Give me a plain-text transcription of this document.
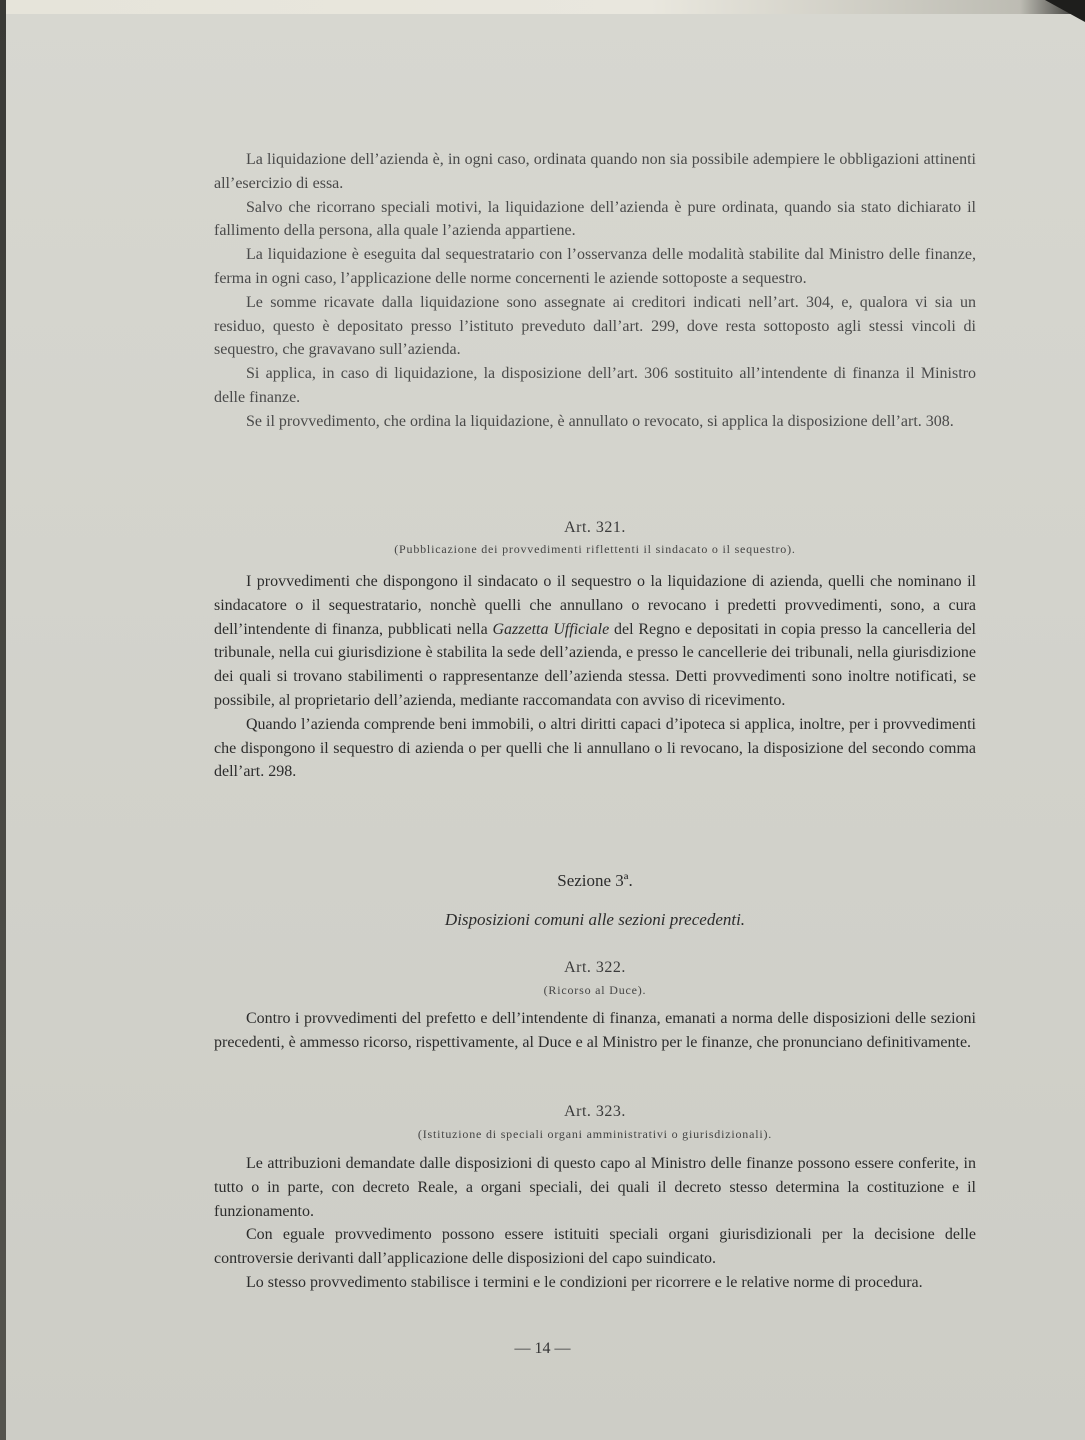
La liquidazione dell’azienda è, in ogni caso, ordinata quando non sia possibile adempiere le obbligazioni attinenti all’esercizio di essa.

Salvo che ricorrano speciali motivi, la liquidazione dell’azienda è pure ordinata, quando sia stato dichiarato il fallimento della persona, alla quale l’azienda appartiene.

La liquidazione è eseguita dal sequestratario con l’osservanza delle modalità stabilite dal Ministro delle finanze, ferma in ogni caso, l’applicazione delle norme concernenti le aziende sottoposte a sequestro.

Le somme ricavate dalla liquidazione sono assegnate ai creditori indicati nell’art. 304, e, qualora vi sia un residuo, questo è depositato presso l’istituto preveduto dall’art. 299, dove resta sottoposto agli stessi vincoli di sequestro, che gravavano sull’azienda.

Si applica, in caso di liquidazione, la disposizione dell’art. 306 sostituito all’intendente di finanza il Ministro delle finanze.

Se il provvedimento, che ordina la liquidazione, è annullato o revocato, si applica la disposizione dell’art. 308.

Art. 321.
(Pubblicazione dei provvedimenti riflettenti il sindacato o il sequestro).

I provvedimenti che dispongono il sindacato o il sequestro o la liquidazione di azienda, quelli che nominano il sindacatore o il sequestratario, nonchè quelli che annullano o revocano i predetti provvedimenti, sono, a cura dell’intendente di finanza, pubblicati nella Gazzetta Ufficiale del Regno e depositati in copia presso la cancelleria del tribunale, nella cui giurisdizione è stabilita la sede dell’azienda, e presso le cancellerie dei tribunali, nella giurisdizione dei quali si trovano stabilimenti o rappresentanze dell’azienda stessa. Detti provvedimenti sono inoltre notificati, se possibile, al proprietario dell’azienda, mediante raccomandata con avviso di ricevimento.

Quando l’azienda comprende beni immobili, o altri diritti capaci d’ipoteca si applica, inoltre, per i provvedimenti che dispongono il sequestro di azienda o per quelli che li annullano o li revocano, la disposizione del secondo comma dell’art. 298.

Sezione 3ª.
Disposizioni comuni alle sezioni precedenti.
Art. 322.
(Ricorso al Duce).

Contro i provvedimenti del prefetto e dell’intendente di finanza, emanati a norma delle disposizioni delle sezioni precedenti, è ammesso ricorso, rispettivamente, al Duce e al Ministro per le finanze, che pronunciano definitivamente.

Art. 323.
(Istituzione di speciali organi amministrativi o giurisdizionali).

Le attribuzioni demandate dalle disposizioni di questo capo al Ministro delle finanze possono essere conferite, in tutto o in parte, con decreto Reale, a organi speciali, dei quali il decreto stesso determina la costituzione e il funzionamento.

Con eguale provvedimento possono essere istituiti speciali organi giurisdizionali per la decisione delle controversie derivanti dall’applicazione delle disposizioni del capo suindicato.

Lo stesso provvedimento stabilisce i termini e le condizioni per ricorrere e le relative norme di procedura.

— 14 —
